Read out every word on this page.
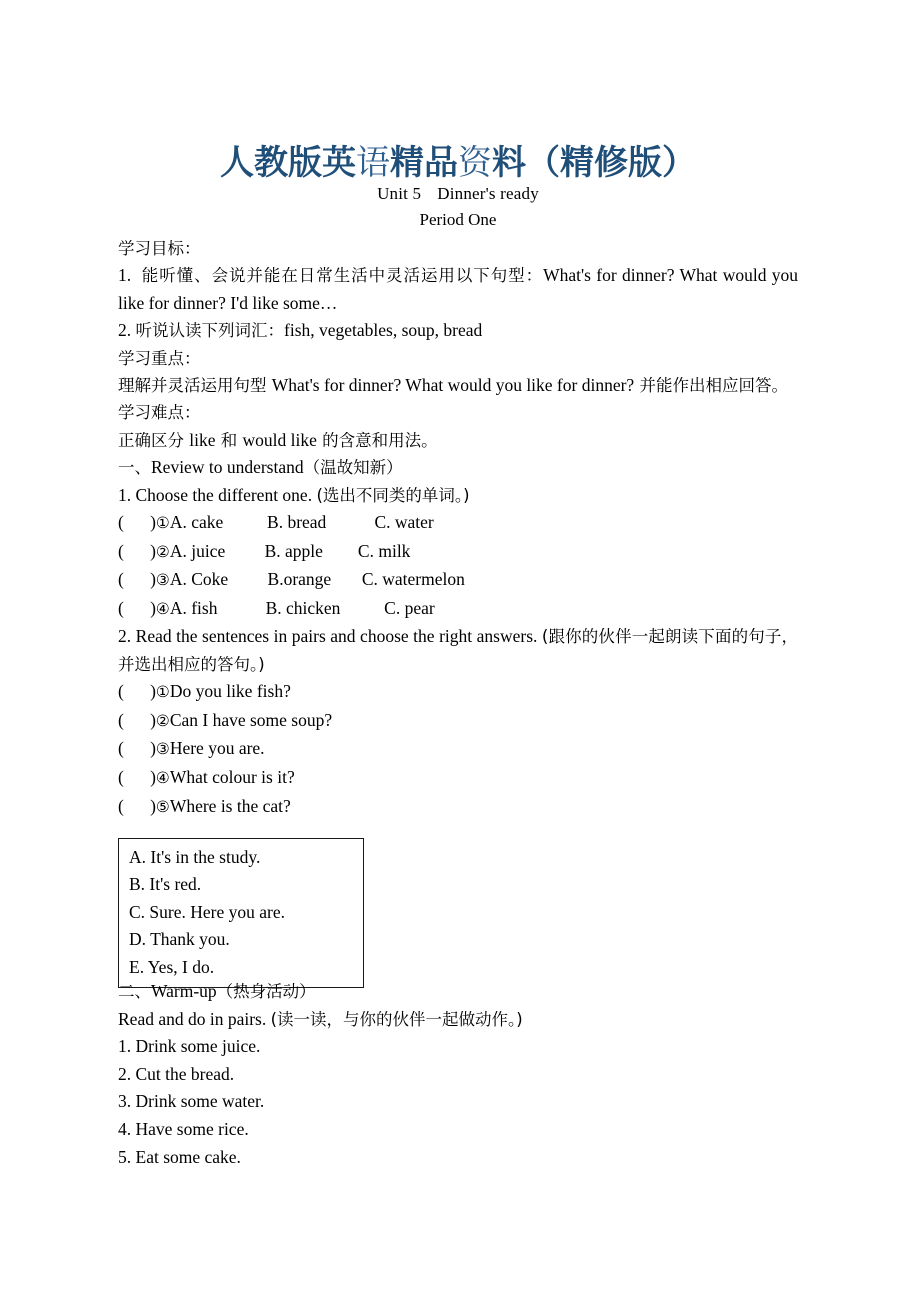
人教版英语精品资料（精修版）
Unit 5 Dinner's ready
Period One
学习目标：
1. 能听懂、会说并能在日常生活中灵活运用以下句型：What's for dinner? What would you like for dinner? I'd like some…
2. 听说认读下列词汇：fish, vegetables, soup, bread
学习重点：
理解并灵活运用句型 What's for dinner? What would you like for dinner? 并能作出相应回答。
学习难点：
正确区分 like 和 would like 的含意和用法。
一、Review to understand（温故知新）
1. Choose the different one. (选出不同类的单词。)
(      )①A. cake	B. bread	C. water
(      )②A. juice B. apple C. milk
(      )③A. Coke B.orange C. watermelon
(      )④A. fish	B. chicken	C. pear
2. Read the sentences in pairs and choose the right answers. (跟你的伙伴一起朗读下面的句子，并选出相应的答句。)
(      )①Do you like fish?
(      )②Can I have some soup?
(      )③Here you are.
(      )④What colour is it?
(      )⑤Where is the cat?
A. It's in the study.
B. It's red.
C. Sure. Here you are.
D. Thank you.
E. Yes, I do.
二、Warm-up（热身活动）
Read and do in pairs. (读一读，与你的伙伴一起做动作。)
1. Drink some juice.
2. Cut the bread.
3. Drink some water.
4. Have some rice.
5. Eat some cake.
